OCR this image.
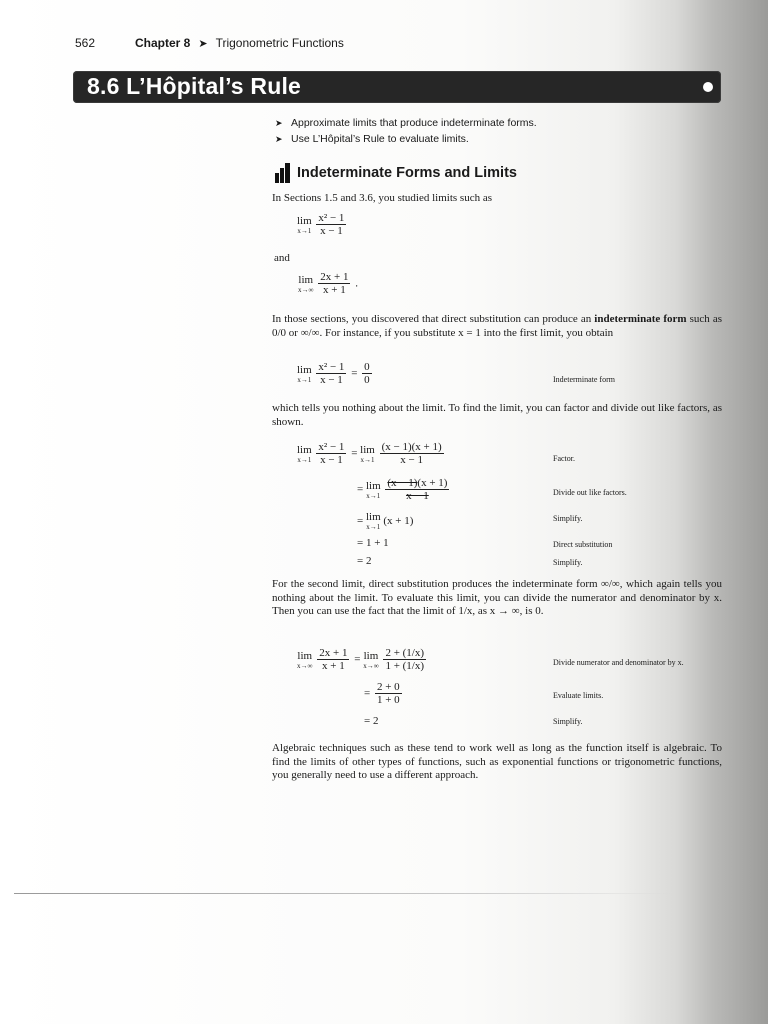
562	Chapter 8 ➤ Trigonometric Functions
8.6 L’Hôpital’s Rule
➤ Approximate limits that produce indeterminate forms.
➤ Use L’Hôpital’s Rule to evaluate limits.
Indeterminate Forms and Limits
In Sections 1.5 and 3.6, you studied limits such as
lim
x→1
$\frac{\text{x² − 1}}{x - 1}$
and
lim
x→∞
$\frac{2x + 1}{x + 1}$ .
In those sections, you discovered that direct substitution can produce an indeterminate form such as 0/0 or ∞/∞. For instance, if you substitute x = 1 into the first limit, you obtain
lim
x→1
$\frac{\text{x² − 1}}{x - 1} = \frac{0}{0}$	Indeterminate form
which tells you nothing about the limit. To find the limit, you can factor and divide out like factors, as shown.
lim
x→1
$\frac{\text{x² − 1}}{x - 1} = \lim$
x→1
$\frac{(x - 1)(x + 1)}{x - 1}$
= lim
x→1
$\frac{(x - 1)(x + 1)}{x - 1}$
= lim
x→1 (x + 1)
= 1 + 1
= 2
Factor.
Divide out like factors.
Simplify.
Direct substitution
Simplify.
For the second limit, direct substitution produces the indeterminate form ∞/∞, which again tells you nothing about the limit. To evaluate this limit, you can divide the numerator and denominator by x. Then you can use the fact that the limit of 1/x, as x → ∞, is 0.
lim
x→∞
$\frac{2x + 1}{x + 1} = \lim$
x→∞
$\frac{2 + (1/x)}{1 + (1/x)}$
= $\frac{2 + 0}{1 + 0}$
= 2
Divide numerator and denominator by x.
Evaluate limits.
Simplify.
Algebraic techniques such as these tend to work well as long as the function itself is algebraic. To find the limits of other types of functions, such as exponential functions or trigonometric functions, you generally need to use a different approach.
